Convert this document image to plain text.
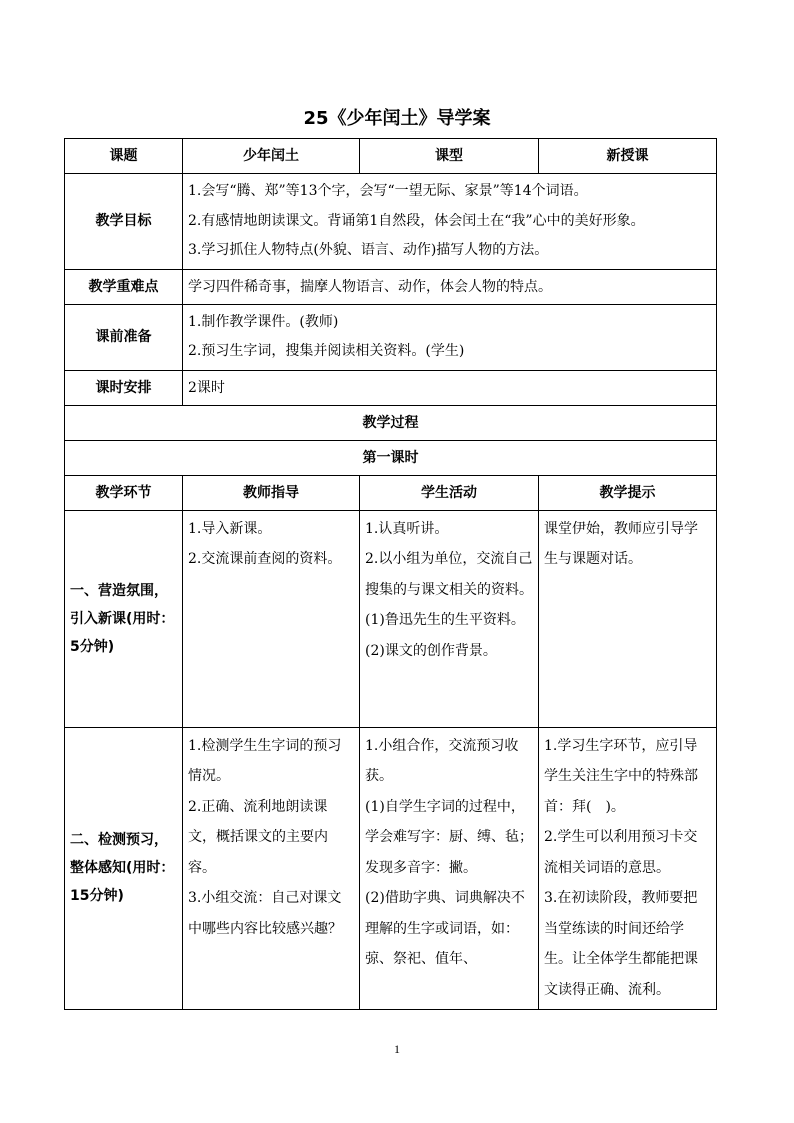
25《少年闰土》导学案
课题	少年闰土	课型	新授课
教学目标	1.会写“腾、郑”等13个字，会写“一望无际、家景”等14个词语。
2.有感情地朗读课文。背诵第1自然段，体会闰土在“我”心中的美好形象。
3.学习抓住人物特点(外貌、语言、动作)描写人物的方法。		

教学重难点	学习四件稀奇事，揣摩人物语言、动作，体会人物的特点。		
课前准备	1.制作教学课件。(教师)
2.预习生字词，搜集并阅读相关资料。(学生)		

课时安排	2课时		
教学过程			
第一课时			
教学环节	教师指导	学生活动	教学提示
一、营造氛围，引入新课(用时：5分钟)	1.导入新课。
2.交流课前查阅的资料。	1.认真听讲。
2.以小组为单位，交流自己搜集的与课文相关的资料。
(1)鲁迅先生的生平资料。
(2)课文的创作背景。	课堂伊始，教师应引导学生与课题对话。

二、检测预习，整体感知(用时：15分钟)	1.检测学生生字词的预习情况。
2.正确、流利地朗读课文，概括课文的主要内容。
3.小组交流：自己对课文中哪些内容比较感兴趣？	1.小组合作，交流预习收获。
(1)自学生字词的过程中，学会难写字：厨、缚、毡；发现多音字：撇。
(2)借助字典、词典解决不理解的生字或词语，如：弶、祭祀、值年、	1.学习生字环节，应引导学生关注生字中的特殊部首：拜(　)。
2.学生可以利用预习卡交流相关词语的意思。
3.在初读阶段，教师要把当堂练读的时间还给学生。让全体学生都能把课文读得正确、流利。
1
